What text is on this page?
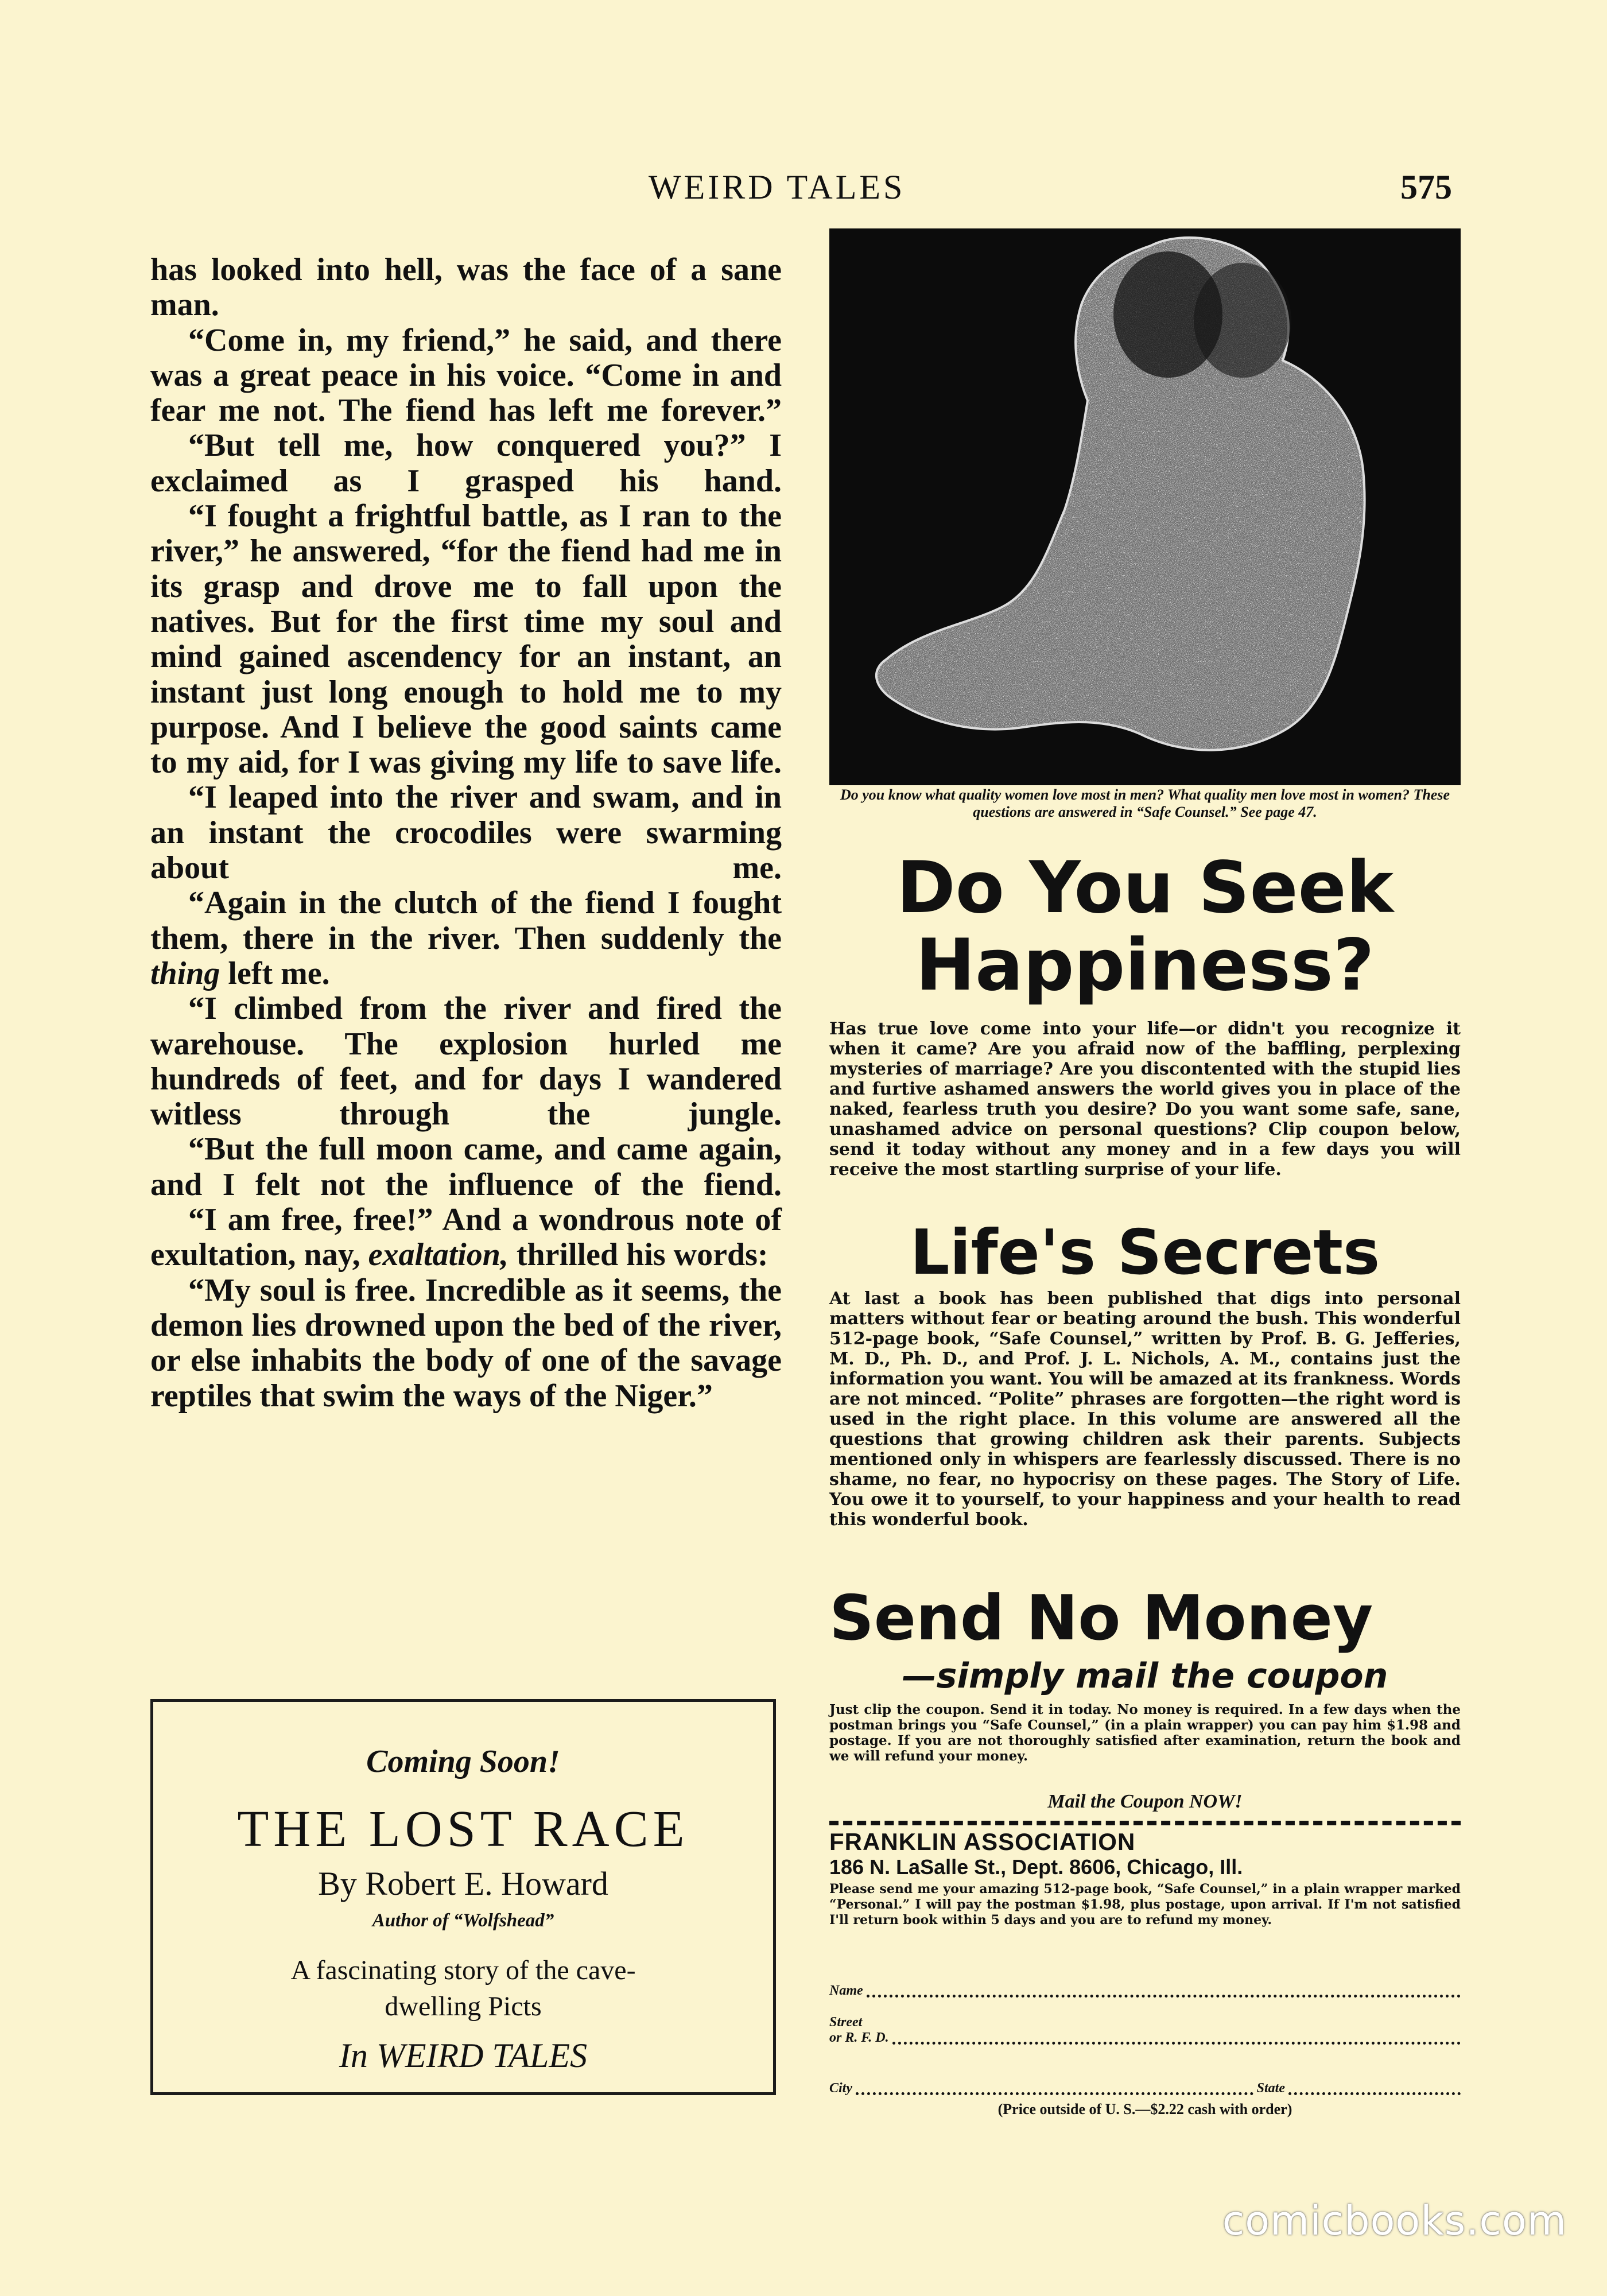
WEIRD TALES	575

has looked into hell, was the face of a sane man.

“Come in, my friend,” he said, and there was a great peace in his voice. “Come in and fear me not. The fiend has left me forever.”

“But tell me, how conquered you?” I exclaimed as I grasped his hand.

“I fought a frightful battle, as I ran to the river,” he answered, “for the fiend had me in its grasp and drove me to fall upon the natives. But for the first time my soul and mind gained ascendency for an instant, an instant just long enough to hold me to my purpose. And I believe the good saints came to my aid, for I was giving my life to save life.

“I leaped into the river and swam, and in an instant the crocodiles were swarming about me.

“Again in the clutch of the fiend I fought them, there in the river. Then suddenly the thing left me.

“I climbed from the river and fired the warehouse. The explosion hurled me hundreds of feet, and for days I wandered witless through the jungle.

“But the full moon came, and came again, and I felt not the influence of the fiend.

“I am free, free!” And a wondrous note of exultation, nay, exaltation, thrilled his words:

“My soul is free. Incredible as it seems, the demon lies drowned upon the bed of the river, or else inhabits the body of one of the savage reptiles that swim the ways of the Niger.”

Coming Soon!
THE LOST RACE
By Robert E. Howard
Author of “Wolfshead”
A fascinating story of the cave-
dwelling Picts
In WEIRD TALES
Do you know what quality women love most in men? What quality men love most in women? These questions are answered in “Safe Counsel.” See page 47.
Do You Seek
Happiness?
Has true love come into your life—or didn't you recognize it when it came? Are you afraid now of the baffling, perplexing mysteries of marriage? Are you discontented with the stupid lies and furtive ashamed answers the world gives you in place of the naked, fearless truth you desire? Do you want some safe, sane, unashamed advice on personal questions? Clip coupon below, send it today without any money and in a few days you will receive the most startling surprise of your life.
Life's Secrets
At last a book has been published that digs into personal matters without fear or beating around the bush. This wonderful 512-page book, “Safe Counsel,” written by Prof. B. G. Jefferies, M. D., Ph. D., and Prof. J. L. Nichols, A. M., contains just the information you want. You will be amazed at its frankness. Words are not minced. “Polite” phrases are forgotten—the right word is used in the right place. In this volume are answered all the questions that growing children ask their parents. Subjects mentioned only in whispers are fearlessly discussed. There is no shame, no fear, no hypocrisy on these pages. The Story of Life. You owe it to yourself, to your happiness and your health to read this wonderful book.
Send No Money
—simply mail the coupon
Just clip the coupon. Send it in today. No money is required. In a few days when the postman brings you “Safe Counsel,” (in a plain wrapper) you can pay him $1.98 and postage. If you are not thoroughly satisfied after examination, return the book and we will refund your money.
Mail the Coupon NOW!
FRANKLIN ASSOCIATION
186 N. LaSalle St., Dept. 8606, Chicago, Ill.
Please send me your amazing 512-page book, “Safe Counsel,” in a plain wrapper marked “Personal.” I will pay the postman $1.98, plus postage, upon arrival. If I'm not satisfied I'll return book within 5 days and you are to refund my money.
Name
Street
or R. F. D.
City	State
(Price outside of U. S.—$2.22 cash with order)
comicbooks.com
